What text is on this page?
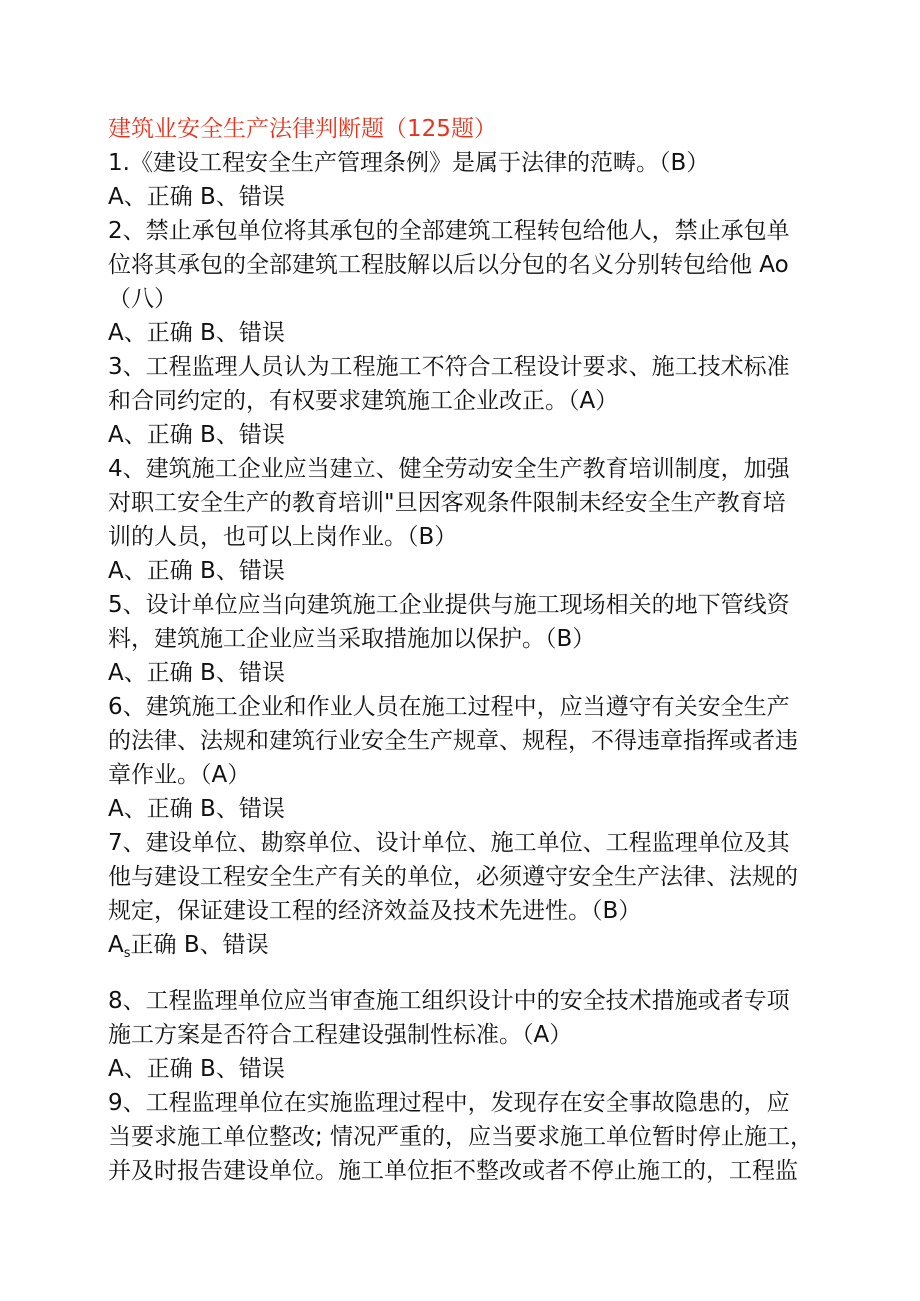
建筑业安全生产法律判断题（125题）
1.《建设工程安全生产管理条例》是属于法律的范畴。（B）

A、正确 B、错误

2、禁止承包单位将其承包的全部建筑工程转包给他人，禁止承包单
位将其承包的全部建筑工程肢解以后以分包的名义分别转包给他 Ao
（八）

A、正确 B、错误

3、工程监理人员认为工程施工不符合工程设计要求、施工技术标准
和合同约定的，有权要求建筑施工企业改正。（A）

A、正确 B、错误

4、建筑施工企业应当建立、健全劳动安全生产教育培训制度，加强
对职工安全生产的教育培训"旦因客观条件限制未经安全生产教育培
训的人员，也可以上岗作业。（B）

A、正确 B、错误

5、设计单位应当向建筑施工企业提供与施工现场相关的地下管线资
料，建筑施工企业应当采取措施加以保护。（B）

A、正确 B、错误

6、建筑施工企业和作业人员在施工过程中，应当遵守有关安全生产
的法律、法规和建筑行业安全生产规章、规程，不得违章指挥或者违
章作业。（A）

A、正确 B、错误

7、建设单位、勘察单位、设计单位、施工单位、工程监理单位及其
他与建设工程安全生产有关的单位，必须遵守安全生产法律、法规的
规定，保证建设工程的经济效益及技术先进性。（B）

$A_s$正确 B、错误

8、工程监理单位应当审查施工组织设计中的安全技术措施或者专项
施工方案是否符合工程建设强制性标准。（A）

A、正确 B、错误

9、工程监理单位在实施监理过程中，发现存在安全事故隐患的，应
当要求施工单位整改; 情况严重的，应当要求施工单位暂时停止施工，
并及时报告建设单位。施工单位拒不整改或者不停止施工的，工程监
